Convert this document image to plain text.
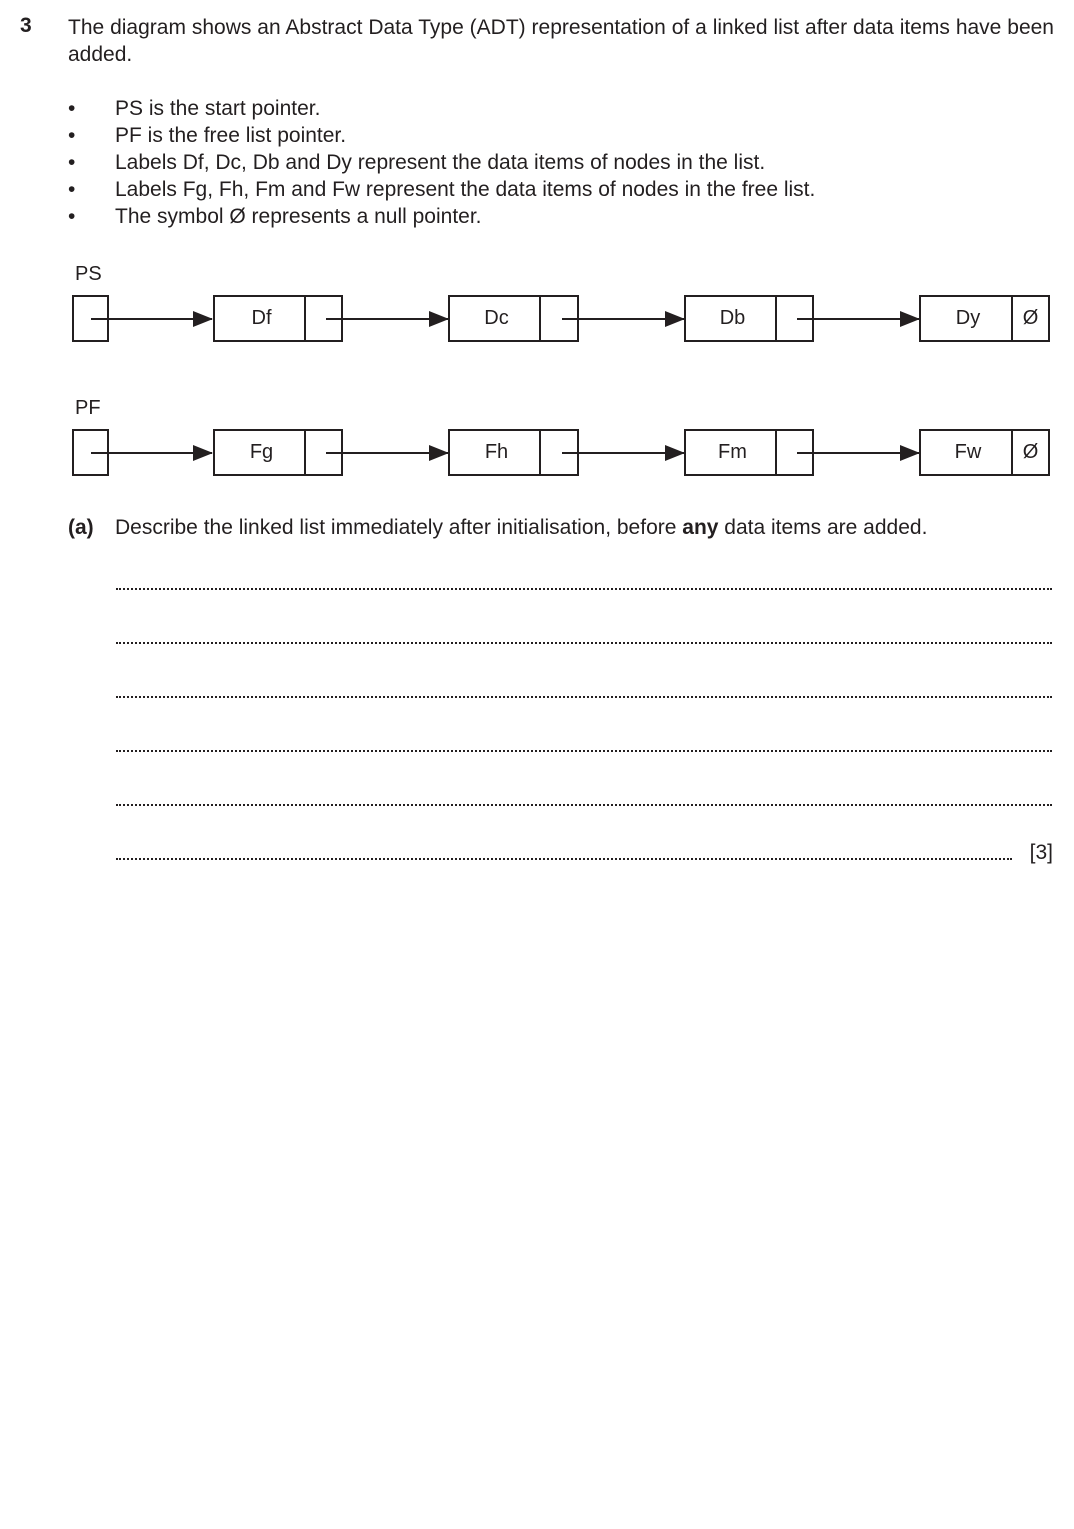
3 The diagram shows an Abstract Data Type (ADT) representation of a linked list after data items have been added.
• PS is the start pointer.
• PF is the free list pointer.
• Labels Df, Dc, Db and Dy represent the data items of nodes in the list.
• Labels Fg, Fh, Fm and Fw represent the data items of nodes in the free list.
• The symbol Ø represents a null pointer.
PS
Df	Dc	Db	Dy	Ø
PF
Fg	Fh	Fm	Fw	Ø
(a) Describe the linked list immediately after initialisation, before any data items are added.
[3]
